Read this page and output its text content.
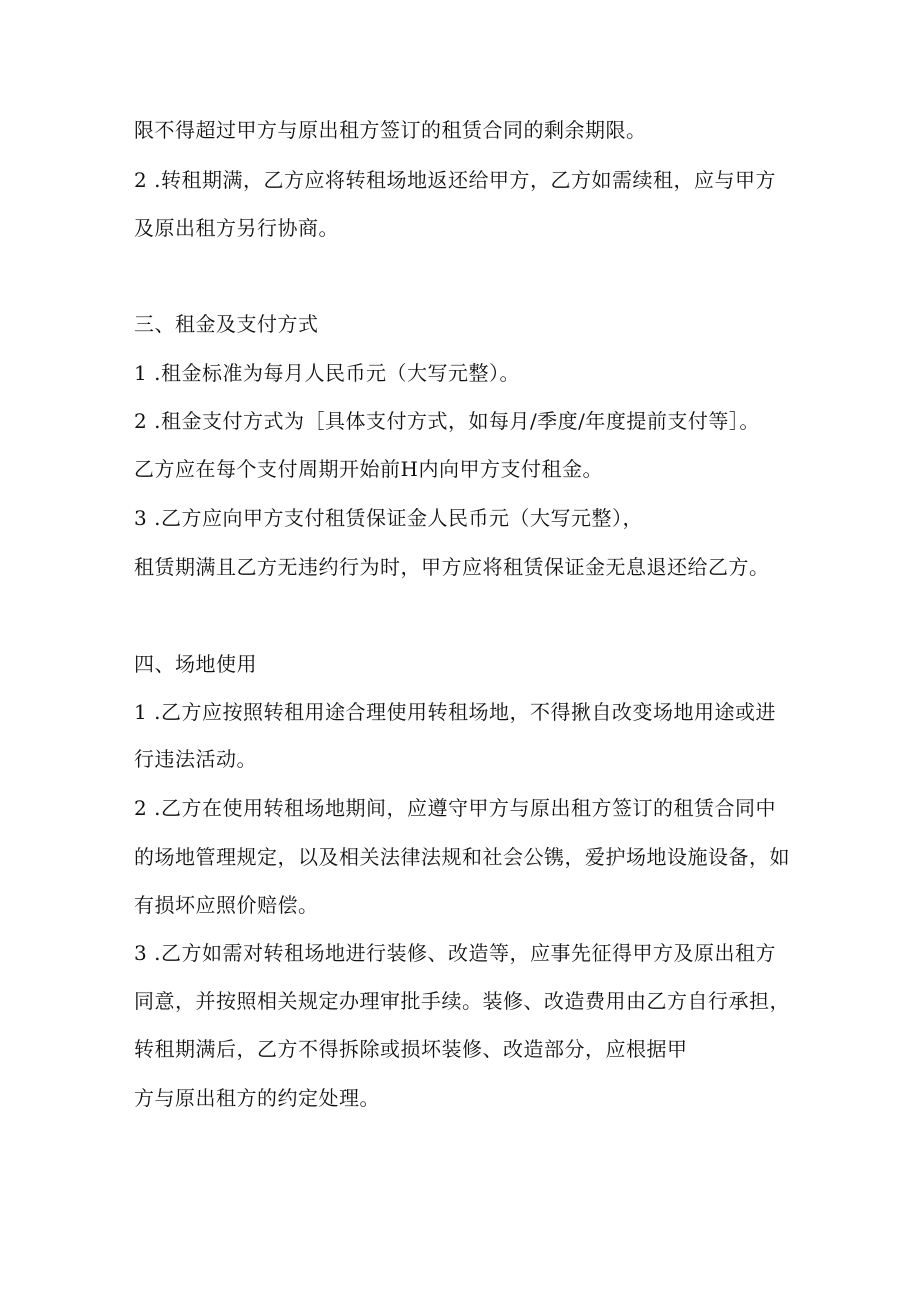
限不得超过甲方与原出租方签订的租赁合同的剩余期限。
2 .转租期满，乙方应将转租场地返还给甲方，乙方如需续租，应与甲方
及原出租方另行协商。
三、租金及支付方式
1 .租金标准为每月人民币元（大写元整）。
2 .租金支付方式为［具体支付方式，如每月/季度/年度提前支付等］。
乙方应在每个支付周期开始前H内向甲方支付租金。
3 .乙方应向甲方支付租赁保证金人民币元（大写元整），
租赁期满且乙方无违约行为时，甲方应将租赁保证金无息退还给乙方。
四、场地使用
1 .乙方应按照转租用途合理使用转租场地，不得揪自改变场地用途或进
行违法活动。
2 .乙方在使用转租场地期间，应遵守甲方与原出租方签订的租赁合同中
的场地管理规定，以及相关法律法规和社会公镌，爱护场地设施设备，如
有损坏应照价赔偿。
3 .乙方如需对转租场地进行装修、改造等，应事先征得甲方及原出租方
同意，并按照相关规定办理审批手续。装修、改造费用由乙方自行承担，
转租期满后，乙方不得拆除或损坏装修、改造部分，应根据甲
方与原出租方的约定处理。
